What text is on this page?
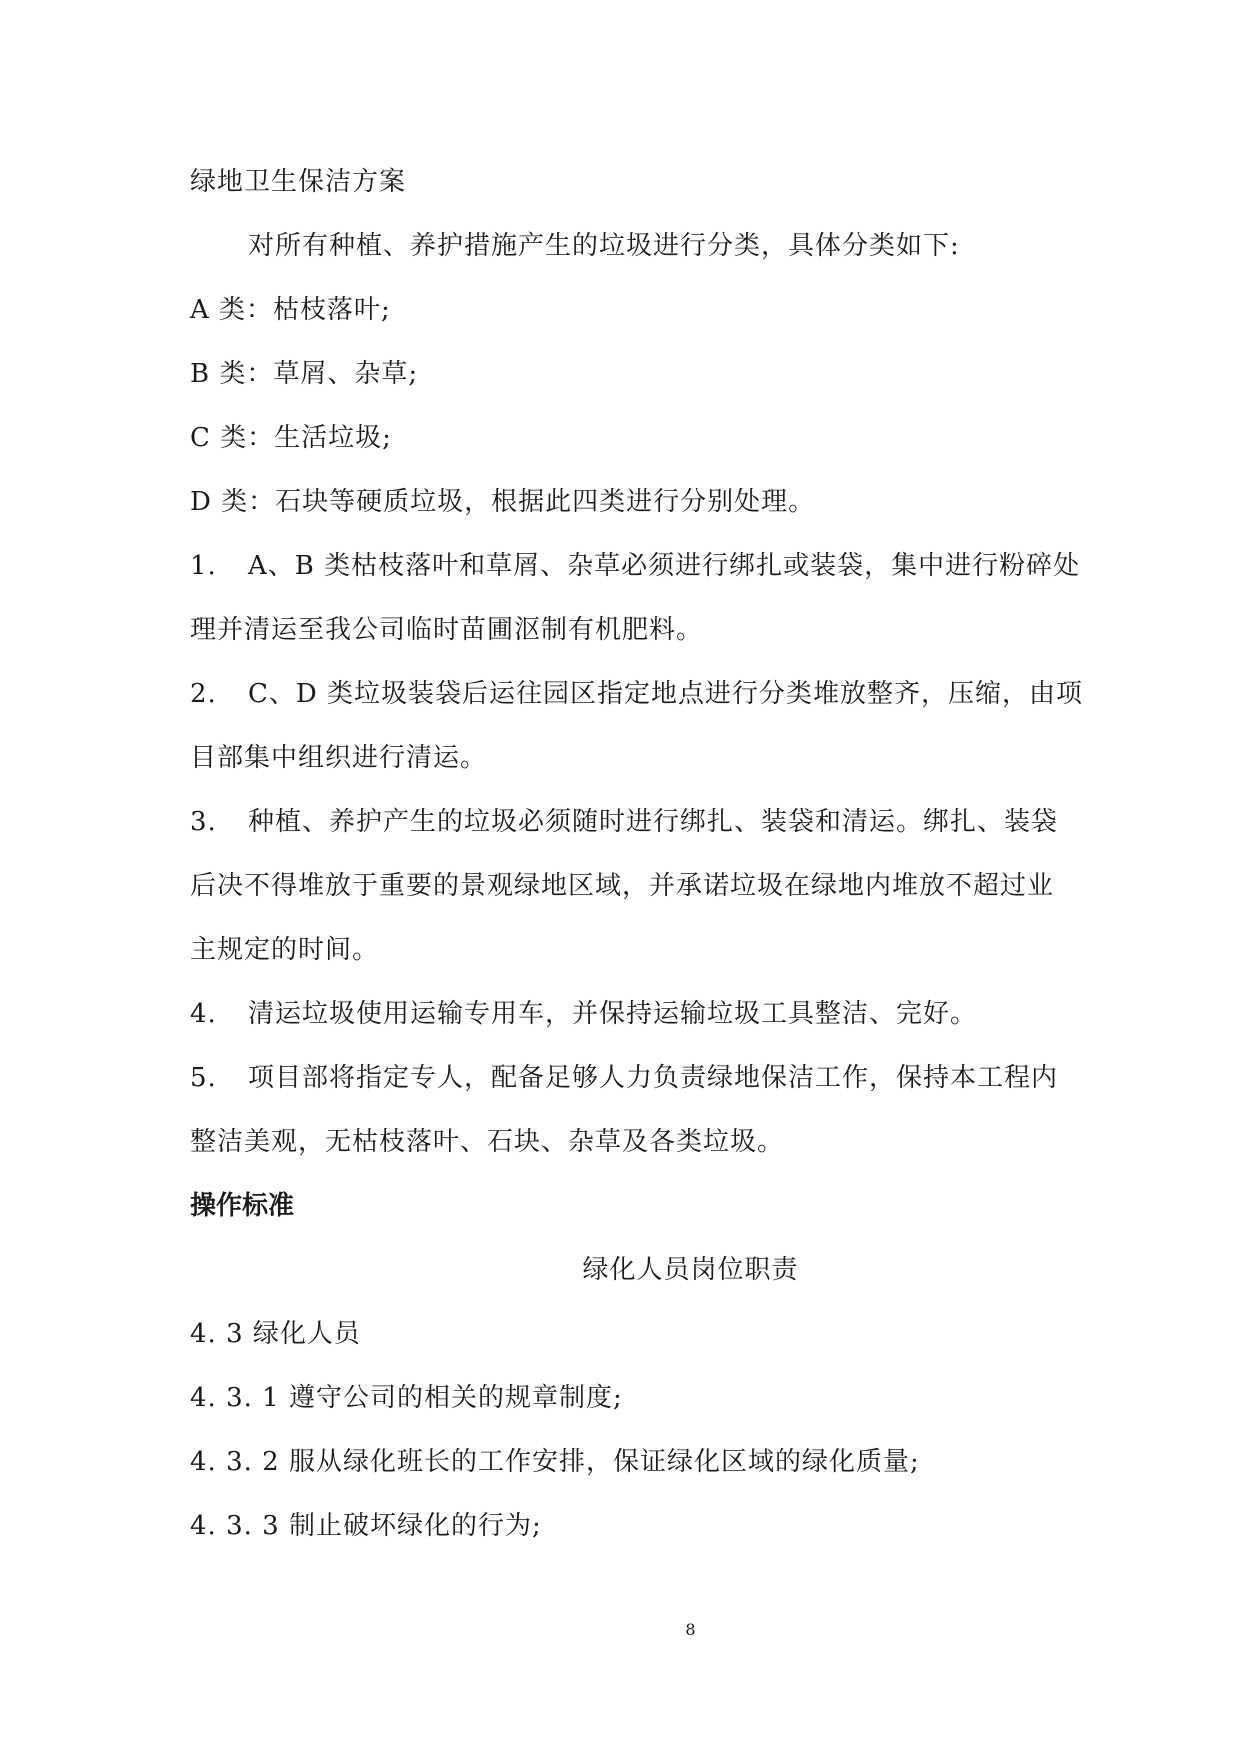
绿地卫生保洁方案
对所有种植、养护措施产生的垃圾进行分类，具体分类如下:
A 类：枯枝落叶;
B 类：草屑、杂草;
C 类：生活垃圾;
D 类：石块等硬质垃圾，根据此四类进行分别处理。
1. A、B 类枯枝落叶和草屑、杂草必须进行绑扎或装袋，集中进行粉碎处
理并清运至我公司临时苗圃沤制有机肥料。
2. C、D 类垃圾装袋后运往园区指定地点进行分类堆放整齐，压缩，由项
目部集中组织进行清运。
3. 种植、养护产生的垃圾必须随时进行绑扎、装袋和清运。绑扎、装袋
后决不得堆放于重要的景观绿地区域，并承诺垃圾在绿地内堆放不超过业
主规定的时间。
4. 清运垃圾使用运输专用车，并保持运输垃圾工具整洁、完好。
5. 项目部将指定专人，配备足够人力负责绿地保洁工作，保持本工程内
整洁美观，无枯枝落叶、石块、杂草及各类垃圾。
操作标准
绿化人员岗位职责
4. 3 绿化人员
4. 3. 1 遵守公司的相关的规章制度;
4. 3. 2 服从绿化班长的工作安排，保证绿化区域的绿化质量;
4. 3. 3 制止破坏绿化的行为;
8
